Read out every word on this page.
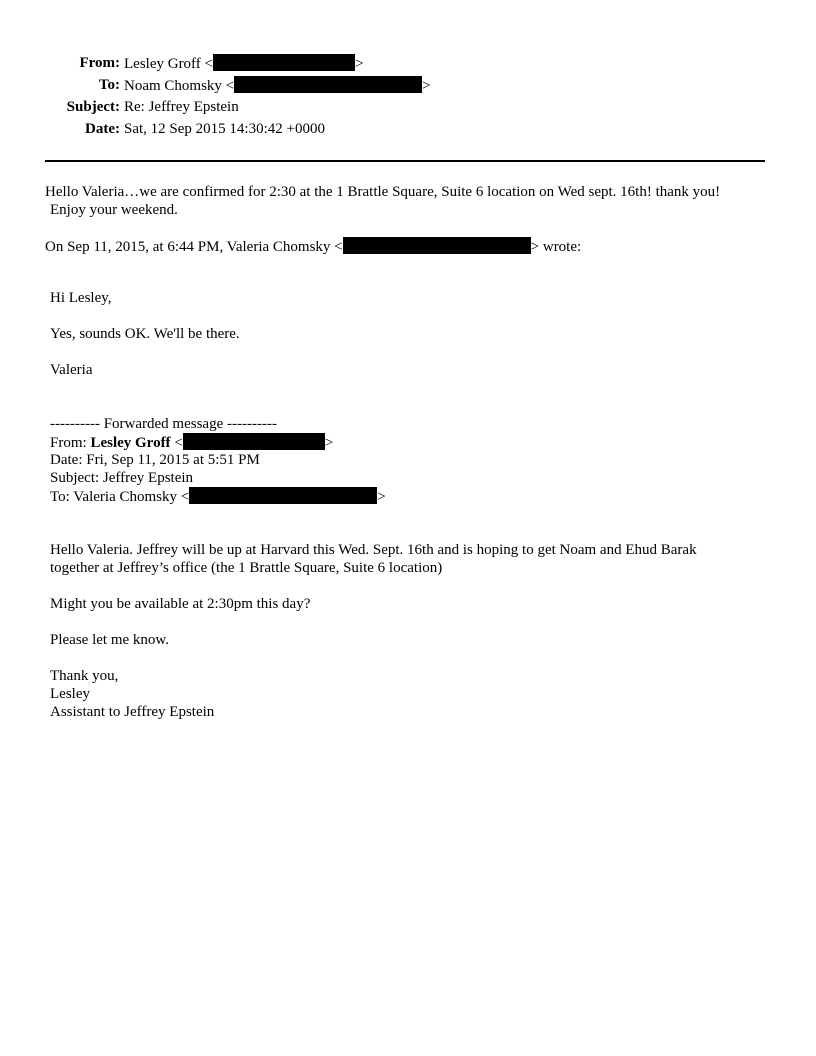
From: Lesley Groff <	>
To: Noam Chomsky <	>
Subject: Re: Jeffrey Epstein
Date: Sat, 12 Sep 2015 14:30:42 +0000
Hello Valeria…we are confirmed for 2:30 at the 1 Brattle Square, Suite 6 location on Wed sept. 16th! thank you!
Enjoy your weekend.
On Sep 11, 2015, at 6:44 PM, Valeria Chomsky <	> wrote:
Hi Lesley,
Yes, sounds OK. We'll be there.
Valeria
---------- Forwarded message ----------
From: Lesley Groff <	>
Date: Fri, Sep 11, 2015 at 5:51 PM
Subject: Jeffrey Epstein
To: Valeria Chomsky <	>
Hello Valeria. Jeffrey will be up at Harvard this Wed. Sept. 16th and is hoping to get Noam and Ehud Barak
together at Jeffrey’s office (the 1 Brattle Square, Suite 6 location)
Might you be available at 2:30pm this day?
Please let me know.
Thank you,
Lesley
Assistant to Jeffrey Epstein
